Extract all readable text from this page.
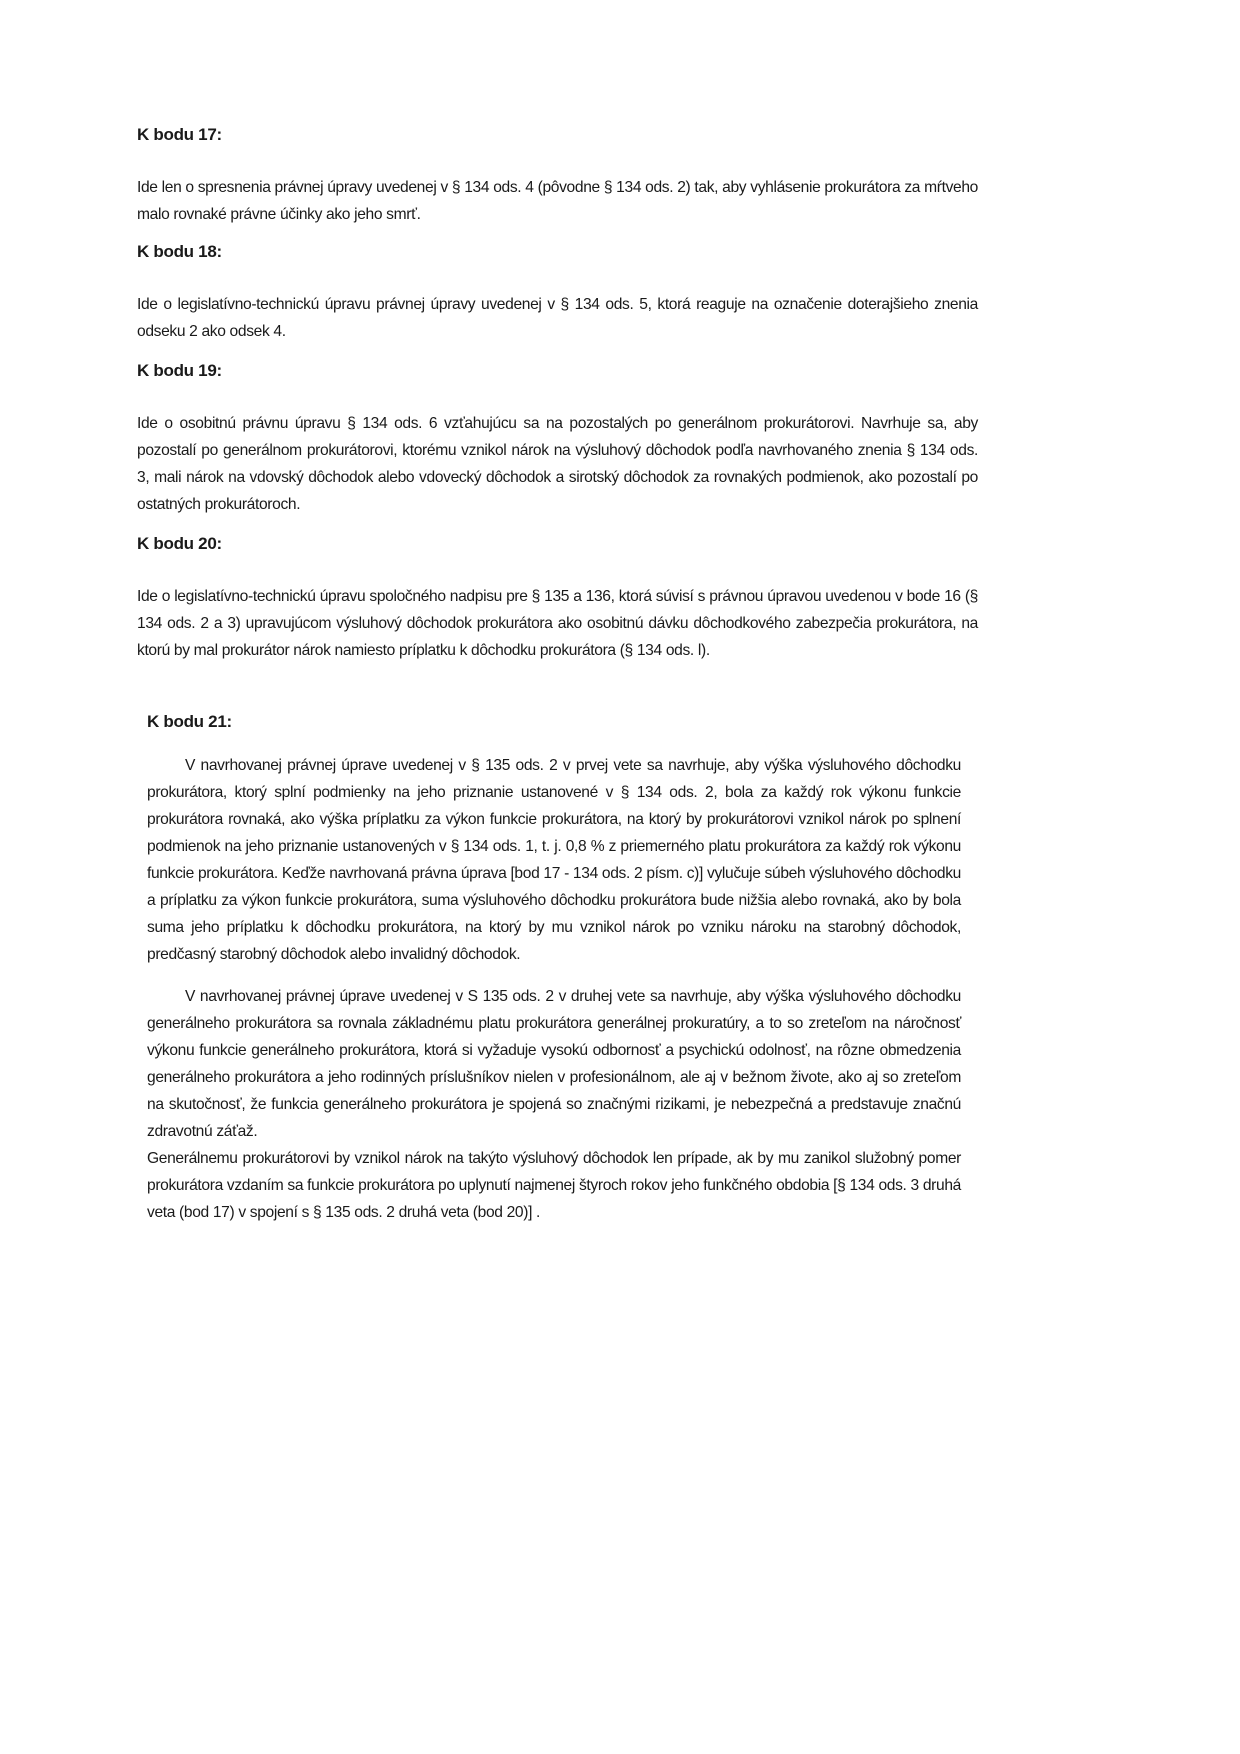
K bodu 17:

Ide len o spresnenia právnej úpravy uvedenej v § 134 ods. 4 (pôvodne § 134 ods. 2) tak, aby vyhlásenie prokurátora za mŕtveho malo rovnaké právne účinky ako jeho smrť.

K bodu 18:

Ide o legislatívno-technickú úpravu právnej úpravy uvedenej v § 134 ods. 5, ktorá reaguje na označenie doterajšieho znenia odseku 2 ako odsek 4.

K bodu 19:

Ide o osobitnú právnu úpravu § 134 ods. 6 vzťahujúcu sa na pozostalých po generálnom prokurátorovi. Navrhuje sa, aby pozostalí po generálnom prokurátorovi, ktorému vznikol nárok na výsluhový dôchodok podľa navrhovaného znenia § 134 ods. 3, mali nárok na vdovský dôchodok alebo vdovecký dôchodok a sirotský dôchodok za rovnakých podmienok, ako pozostalí po ostatných prokurátoroch.

K bodu 20:

Ide o legislatívno-technickú úpravu spoločného nadpisu pre § 135 a 136, ktorá súvisí s právnou úpravou uvedenou v bode 16 (§ 134 ods. 2 a 3) upravujúcom výsluhový dôchodok prokurátora ako osobitnú dávku dôchodkového zabezpečia prokurátora, na ktorú by mal prokurátor nárok namiesto príplatku k dôchodku prokurátora (§ 134 ods. l).

K bodu 21:

V navrhovanej právnej úprave uvedenej v § 135 ods. 2 v prvej vete sa navrhuje, aby výška výsluhového dôchodku prokurátora, ktorý splní podmienky na jeho priznanie ustanovené v § 134 ods. 2, bola za každý rok výkonu funkcie prokurátora rovnaká, ako výška príplatku za výkon funkcie prokurátora, na ktorý by prokurátorovi vznikol nárok po splnení podmienok na jeho priznanie ustanovených v § 134 ods. 1, t. j. 0,8 % z priemerného platu prokurátora za každý rok výkonu funkcie prokurátora. Keďže navrhovaná právna úprava [bod 17 - 134 ods. 2 písm. c)] vylučuje súbeh výsluhového dôchodku a príplatku za výkon funkcie prokurátora, suma výsluhového dôchodku prokurátora bude nižšia alebo rovnaká, ako by bola suma jeho príplatku k dôchodku prokurátora, na ktorý by mu vznikol nárok po vzniku nároku na starobný dôchodok, predčasný starobný dôchodok alebo invalidný dôchodok.

V navrhovanej právnej úprave uvedenej v S 135 ods. 2 v druhej vete sa navrhuje, aby výška výsluhového dôchodku generálneho prokurátora sa rovnala základnému platu prokurátora generálnej prokuratúry, a to so zreteľom na náročnosť výkonu funkcie generálneho prokurátora, ktorá si vyžaduje vysokú odbornosť a psychickú odolnosť, na rôzne obmedzenia generálneho prokurátora a jeho rodinných príslušníkov nielen v profesionálnom, ale aj v bežnom živote, ako aj so zreteľom na skutočnosť, že funkcia generálneho prokurátora je spojená so značnými rizikami, je nebezpečná a predstavuje značnú zdravotnú záťaž.

Generálnemu prokurátorovi by vznikol nárok na takýto výsluhový dôchodok len prípade, ak by mu zanikol služobný pomer prokurátora vzdaním sa funkcie prokurátora po uplynutí najmenej štyroch rokov jeho funkčného obdobia [§ 134 ods. 3 druhá veta (bod 17) v spojení s § 135 ods. 2 druhá veta (bod 20)] .
